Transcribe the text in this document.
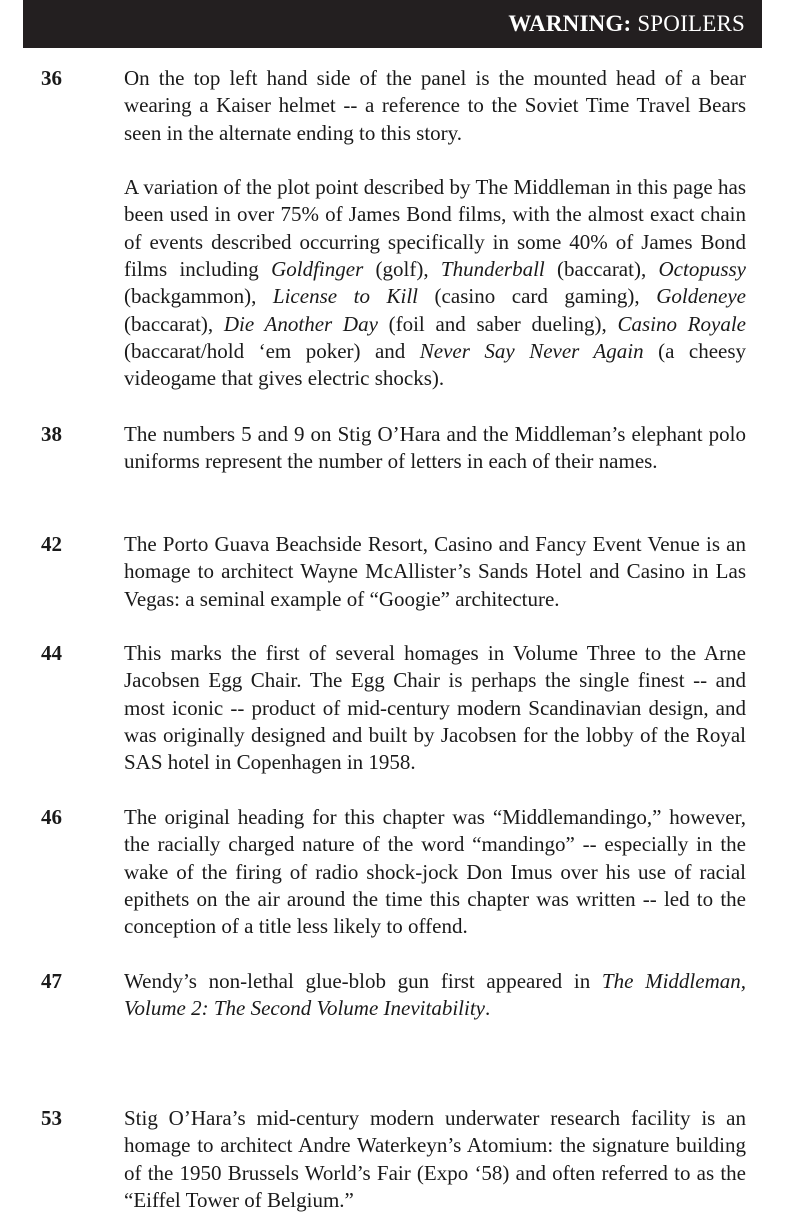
WARNING: SPOILERS
36	On the top left hand side of the panel is the mounted head of a bear wearing a Kaiser helmet -- a reference to the Soviet Time Travel Bears seen in the alternate ending to this story.

A variation of the plot point described by The Middleman in this page has been used in over 75% of James Bond films, with the almost exact chain of events described occurring specifically in some 40% of James Bond films including Goldfinger (golf), Thunderball (baccarat), Octopussy (backgammon), License to Kill (casino card gaming), Goldeneye (baccarat), Die Another Day (foil and saber dueling), Casino Royale (baccarat/hold ‘em poker) and Never Say Never Again (a cheesy videogame that gives electric shocks).

38	The numbers 5 and 9 on Stig O’Hara and the Middleman’s elephant polo uniforms represent the number of letters in each of their names.

42	The Porto Guava Beachside Resort, Casino and Fancy Event Venue is an homage to architect Wayne McAllister’s Sands Hotel and Casino in Las Vegas: a seminal example of “Googie” architecture.

44	This marks the first of several homages in Volume Three to the Arne Jacobsen Egg Chair. The Egg Chair is perhaps the single finest -- and most iconic -- product of mid-century modern Scandinavian design, and was originally designed and built by Jacobsen for the lobby of the Royal SAS hotel in Copenhagen in 1958.

46	The original heading for this chapter was “Middlemandingo,” however, the racially charged nature of the word “mandingo” -- especially in the wake of the firing of radio shock-jock Don Imus over his use of racial epithets on the air around the time this chapter was written -- led to the conception of a title less likely to offend.

47	Wendy’s non-lethal glue-blob gun first appeared in The Middleman, Volume 2: The Second Volume Inevitability.

53	Stig O’Hara’s mid-century modern underwater research facility is an homage to architect Andre Waterkeyn’s Atomium: the signature building of the 1950 Brussels World’s Fair (Expo ‘58) and often referred to as the “Eiffel Tower of Belgium.”
